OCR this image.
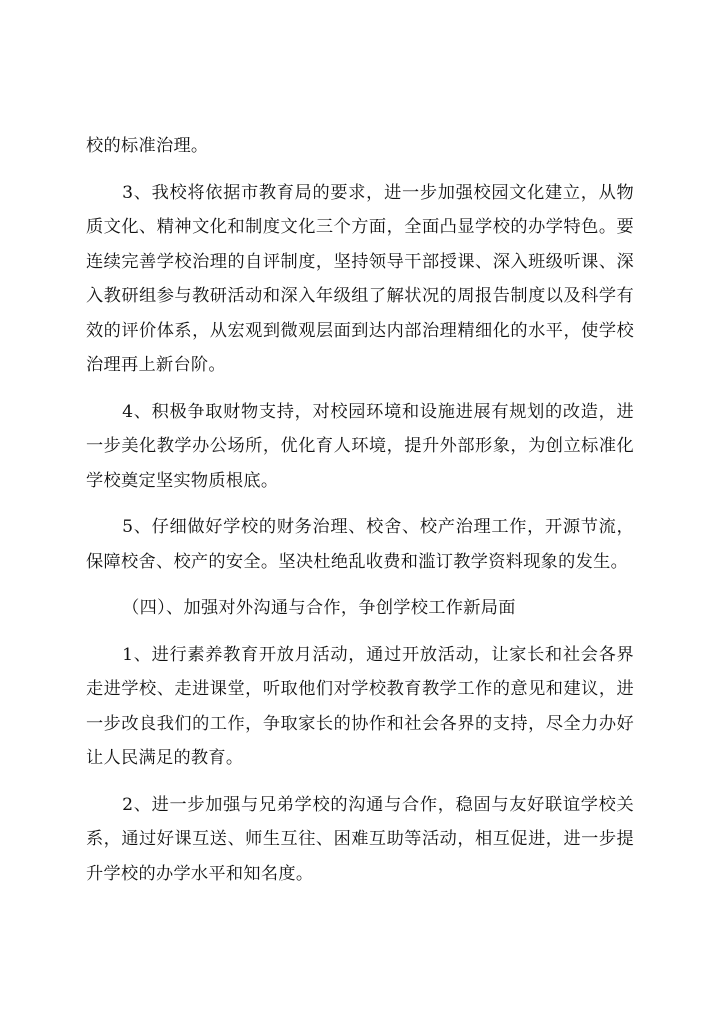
校的标准治理。

3、我校将依据市教育局的要求，进一步加强校园文化建立，从物质文化、精神文化和制度文化三个方面，全面凸显学校的办学特色。要连续完善学校治理的自评制度，坚持领导干部授课、深入班级听课、深入教研组参与教研活动和深入年级组了解状况的周报告制度以及科学有效的评价体系，从宏观到微观层面到达内部治理精细化的水平，使学校治理再上新台阶。

4、积极争取财物支持，对校园环境和设施进展有规划的改造，进一步美化教学办公场所，优化育人环境，提升外部形象，为创立标准化学校奠定坚实物质根底。

5、仔细做好学校的财务治理、校舍、校产治理工作，开源节流，保障校舍、校产的安全。坚决杜绝乱收费和滥订教学资料现象的发生。

（四）、加强对外沟通与合作，争创学校工作新局面

1、进行素养教育开放月活动，通过开放活动，让家长和社会各界走进学校、走进课堂，听取他们对学校教育教学工作的意见和建议，进一步改良我们的工作，争取家长的协作和社会各界的支持，尽全力办好让人民满足的教育。

2、进一步加强与兄弟学校的沟通与合作，稳固与友好联谊学校关系，通过好课互送、师生互往、困难互助等活动，相互促进，进一步提升学校的办学水平和知名度。
